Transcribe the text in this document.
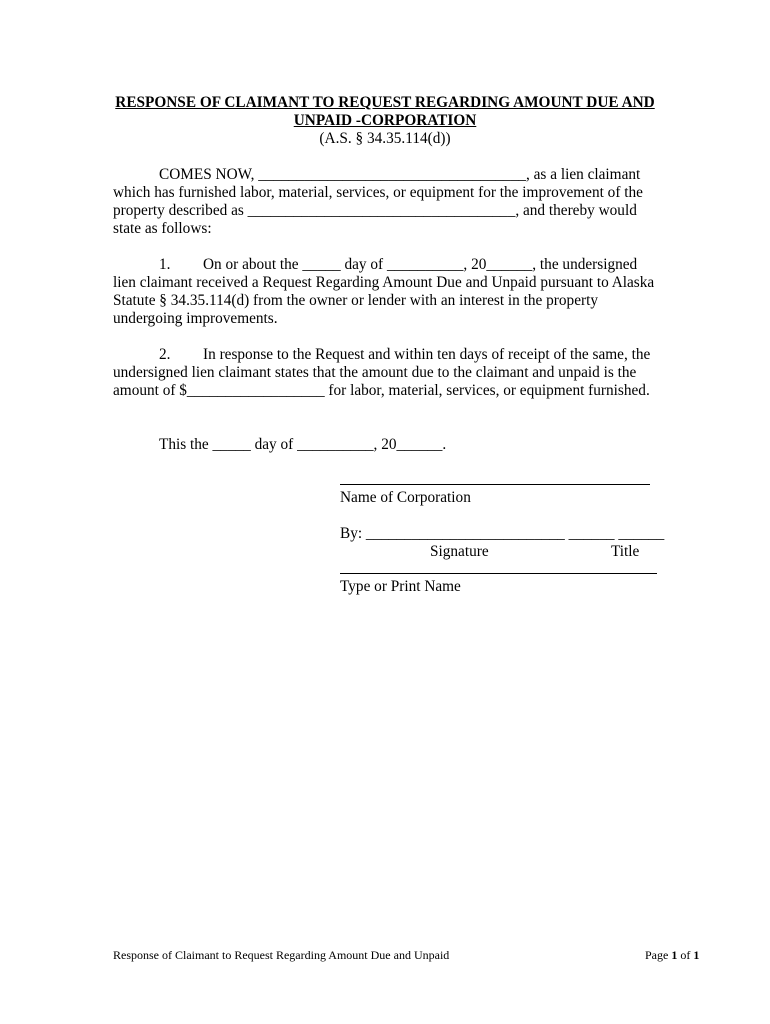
RESPONSE OF CLAIMANT TO REQUEST REGARDING AMOUNT DUE AND
UNPAID -CORPORATION
(A.S. § 34.35.114(d))
COMES NOW, ___________________________________, as a lien claimant
which has furnished labor, material, services, or equipment for the improvement of the
property described as ___________________________________, and thereby would
state as follows:
1. On or about the _____ day of __________, 20______, the undersigned
lien claimant received a Request Regarding Amount Due and Unpaid pursuant to Alaska
Statute § 34.35.114(d) from the owner or lender with an interest in the property
undergoing improvements.
2. In response to the Request and within ten days of receipt of the same, the
undersigned lien claimant states that the amount due to the claimant and unpaid is the
amount of $__________________ for labor, material, services, or equipment furnished.
This the _____ day of __________, 20______.
Name of Corporation
By: __________________________ ______ ______
Signature	Title
Type or Print Name
Response of Claimant to Request Regarding Amount Due and Unpaid	Page 1 of 1
